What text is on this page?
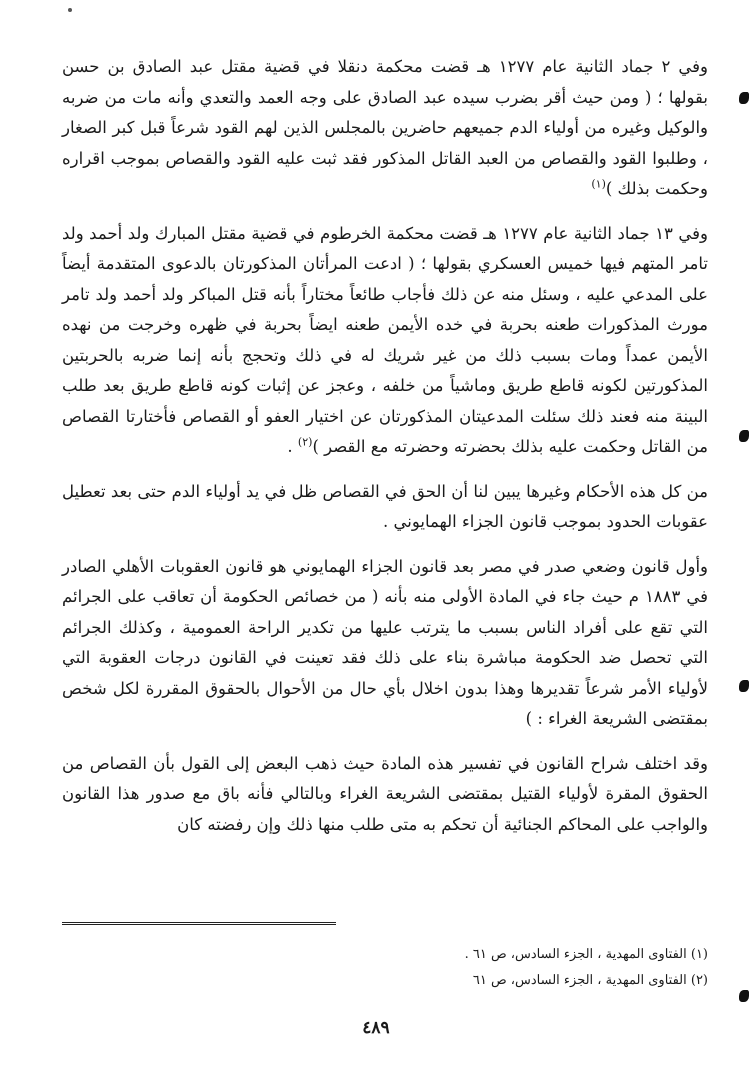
وفي ٢ جماد الثانية عام ١٢٧٧ هـ قضت محكمة دنقلا في قضية مقتل عبد الصادق بن حسن بقولها ؛ ( ومن حيث أقر بضرب سيده عبد الصادق على وجه العمد والتعدي وأنه مات من ضربه والوكيل وغيره من أولياء الدم جميعهم حاضرين بالمجلس الذين لهم القود شرعاً قبل كبر الصغار ، وطلبوا القود والقصاص من العبد القاتل المذكور فقد ثبت عليه القود والقصاص بموجب اقراره وحكمت بذلك )$^{(١)}$

وفي ١٣ جماد الثانية عام ١٢٧٧ هـ قضت محكمة الخرطوم في قضية مقتل المبارك ولد أحمد ولد تامر المتهم فيها خميس العسكري بقولها ؛ ( ادعت المرأتان المذكورتان بالدعوى المتقدمة أيضاً على المدعي عليه ، وسئل منه عن ذلك فأجاب طائعاً مختاراً بأنه قتل المباكر ولد أحمد ولد تامر مورث المذكورات طعنه بحربة في خده الأيمن طعنه ايضاً بحربة في ظهره وخرجت من نهده الأيمن عمداً ومات بسبب ذلك من غير شريك له في ذلك وتحجج بأنه إنما ضربه بالحربتين المذكورتين لكونه قاطع طريق وماشياً من خلفه ، وعجز عن إثبات كونه قاطع طريق بعد طلب البينة منه فعند ذلك سئلت المدعيتان المذكورتان عن اختيار العفو أو القصاص فأختارتا القصاص من القاتل وحكمت عليه بذلك بحضرته وحضرته مع القصر )$^{(٢)}$ .

من كل هذه الأحكام وغيرها يبين لنا أن الحق في القصاص ظل في يد أولياء الدم حتى بعد تعطيل عقوبات الحدود بموجب قانون الجزاء الهمايوني .

وأول قانون وضعي صدر في مصر بعد قانون الجزاء الهمايوني هو قانون العقوبات الأهلي الصادر في ١٨٨٣ م حيث جاء في المادة الأولى منه بأنه ( من خصائص الحكومة أن تعاقب على الجرائم التي تقع على أفراد الناس بسبب ما يترتب عليها من تكدير الراحة العمومية ، وكذلك الجرائم التي تحصل ضد الحكومة مباشرة بناء على ذلك فقد تعينت في القانون درجات العقوبة التي لأولياء الأمر شرعاً تقديرها وهذا بدون اخلال بأي حال من الأحوال بالحقوق المقررة لكل شخص بمقتضى الشريعة الغراء : )

وقد اختلف شراح القانون في تفسير هذه المادة حيث ذهب البعض إلى القول بأن القصاص من الحقوق المقرة لأولياء القتيل بمقتضى الشريعة الغراء وبالتالي فأنه باق مع صدور هذا القانون والواجب على المحاكم الجنائية أن تحكم به متى طلب منها ذلك وإن رفضته كان

(١) الفتاوى المهدية ، الجزء السادس، ص ٦١ .

(٢) الفتاوى المهدية ، الجزء السادس، ص ٦١

٤٨٩
